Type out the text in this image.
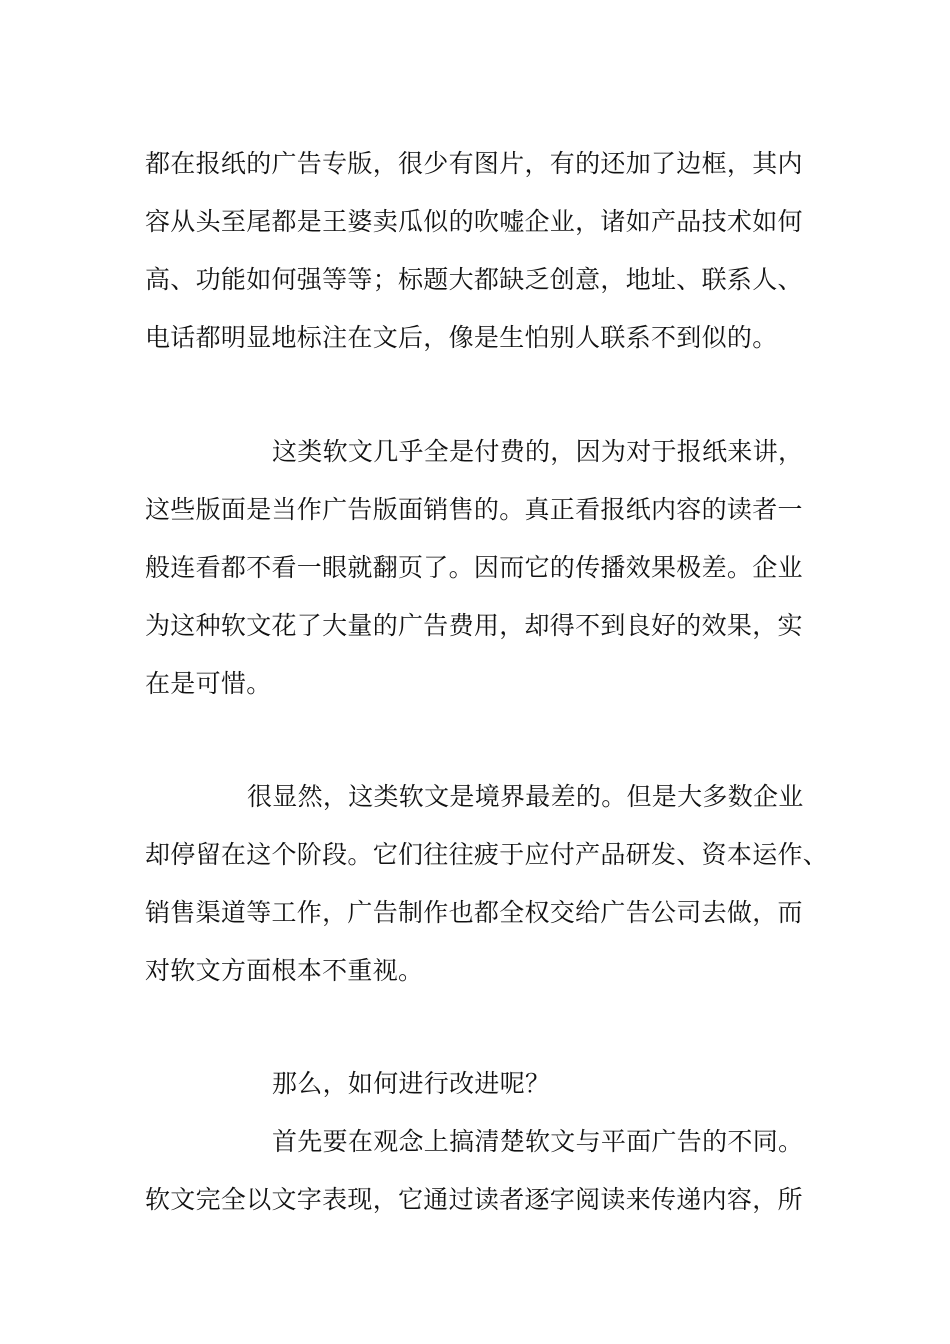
都在报纸的广告专版，很少有图片，有的还加了边框，其内
容从头至尾都是王婆卖瓜似的吹嘘企业，诸如产品技术如何
高、功能如何强等等；标题大都缺乏创意，地址、联系人、
电话都明显地标注在文后，像是生怕别人联系不到似的。
这类软文几乎全是付费的，因为对于报纸来讲，
这些版面是当作广告版面销售的。真正看报纸内容的读者一
般连看都不看一眼就翻页了。因而它的传播效果极差。企业
为这种软文花了大量的广告费用，却得不到良好的效果，实
在是可惜。
很显然，这类软文是境界最差的。但是大多数企业
却停留在这个阶段。它们往往疲于应付产品研发、资本运作、
销售渠道等工作，广告制作也都全权交给广告公司去做，而
对软文方面根本不重视。
那么，如何进行改进呢？
首先要在观念上搞清楚软文与平面广告的不同。
软文完全以文字表现，它通过读者逐字阅读来传递内容，所
